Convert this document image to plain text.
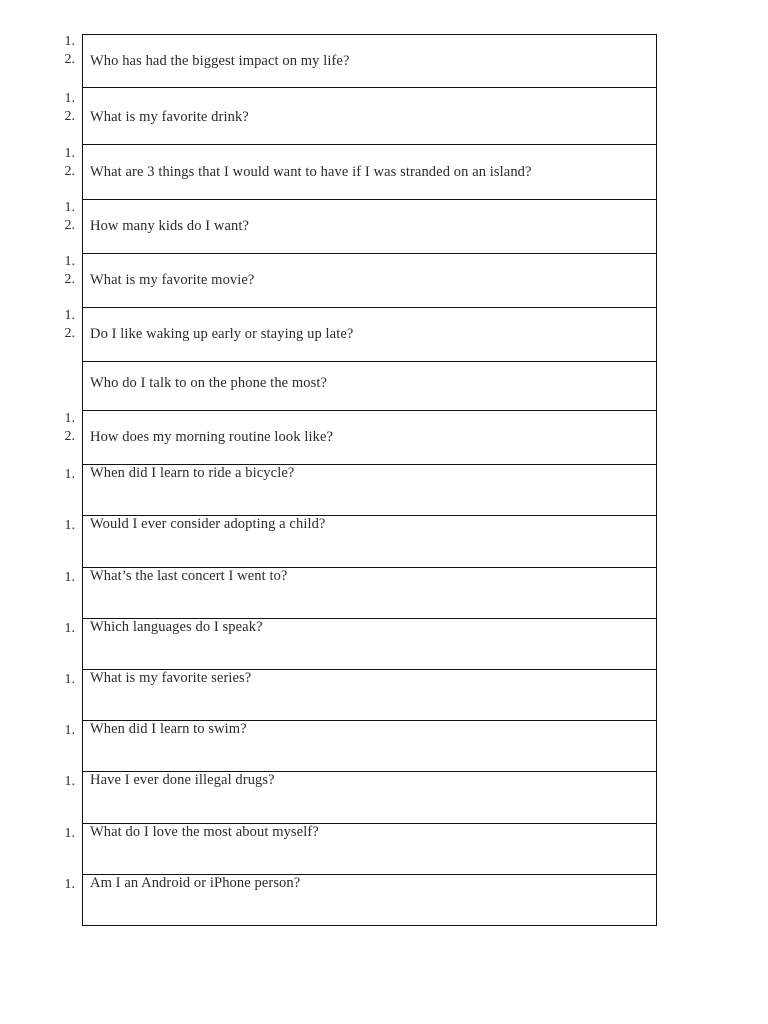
Who has had the biggest impact on my life?
1.
2.
What is my favorite drink?
1.
2.
What are 3 things that I would want to have if I was stranded on an island?
1.
2.
How many kids do I want?
1.
2.
What is my favorite movie?
1.
2.
Do I like waking up early or staying up late?
1.
2.
Who do I talk to on the phone the most?
How does my morning routine look like?
1.
2.
When did I learn to ride a bicycle?
1.
Would I ever consider adopting a child?
1.
What’s the last concert I went to?
1.
Which languages do I speak?
1.
What is my favorite series?
1.
When did I learn to swim?
1.
Have I ever done illegal drugs?
1.
What do I love the most about myself?
1.
Am I an Android or iPhone person?
1.
